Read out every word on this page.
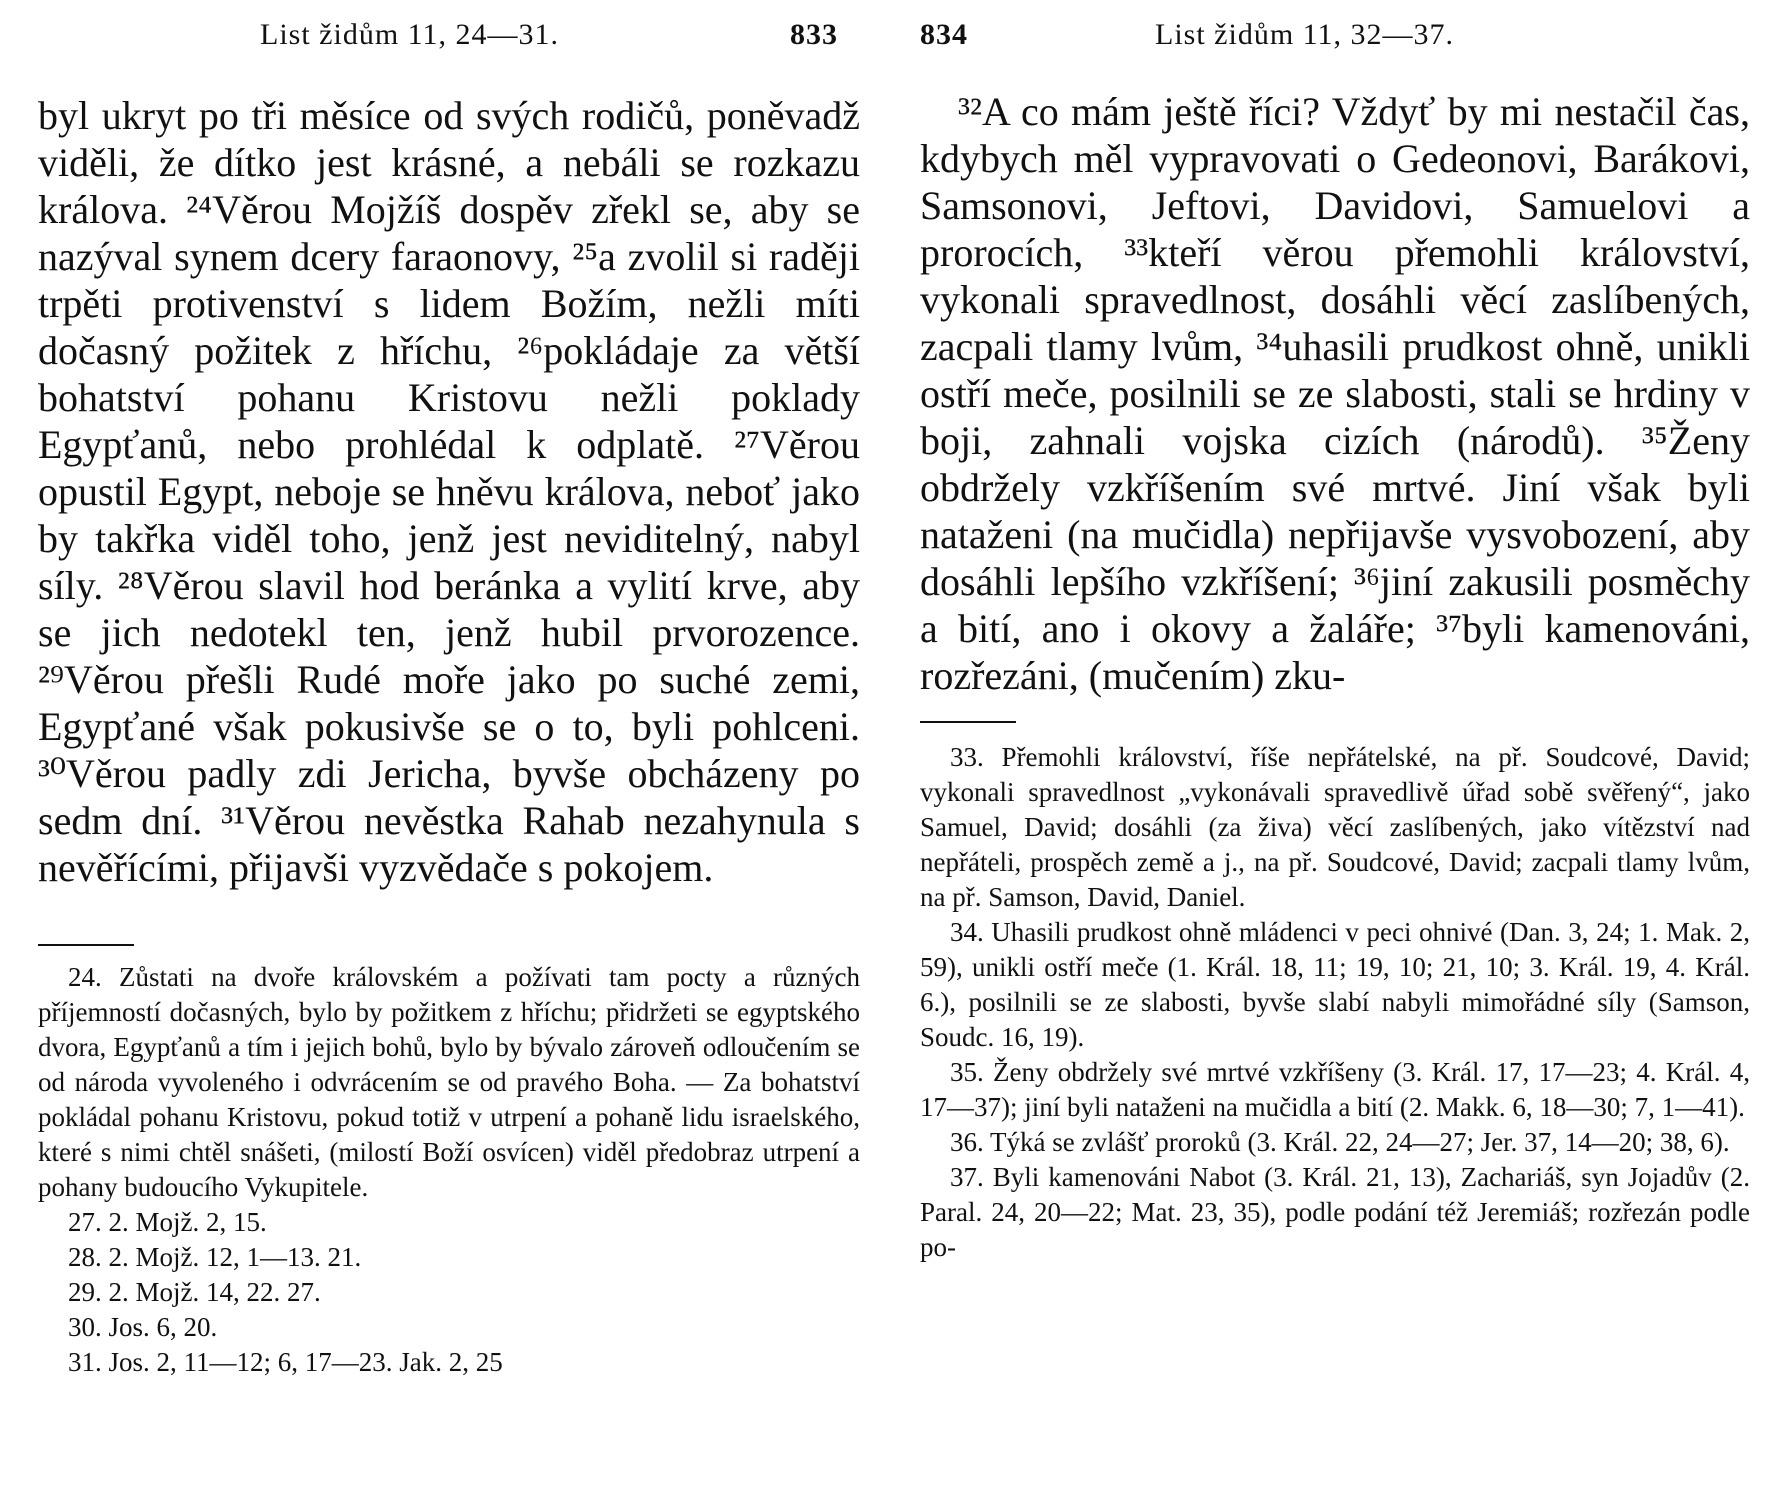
List židům 11, 24—31.	833

byl ukryt po tři měsíce od svých rodičů, poněvadž viděli, že dítko jest krásné, a nebáli se rozkazu králova. ²⁴Věrou Mojžíš dospěv zřekl se, aby se nazýval synem dcery faraonovy, ²⁵a zvolil si raději trpěti protivenství s lidem Božím, nežli míti dočasný požitek z hříchu, ²⁶pokládaje za větší bohatství pohanu Kristovu nežli poklady Egypťanů, nebo prohlédal k odplatě. ²⁷Věrou opustil Egypt, neboje se hněvu králova, neboť jako by takřka viděl toho, jenž jest neviditelný, nabyl síly. ²⁸Věrou slavil hod beránka a vylití krve, aby se jich nedotekl ten, jenž hubil prvorozence. ²⁹Věrou přešli Rudé moře jako po suché zemi, Egypťané však pokusivše se o to, byli pohlceni. ³⁰Věrou padly zdi Jericha, byvše obcházeny po sedm dní. ³¹Věrou nevěstka Rahab nezahynula s nevěřícími, přijavši vyzvědače s pokojem.

24. Zůstati na dvoře královském a požívati tam pocty a různých příjemností dočasných, bylo by požitkem z hříchu; přidržeti se egyptského dvora, Egypťanů a tím i jejich bohů, bylo by bývalo zároveň odloučením se od národa vyvoleného i odvrácením se od pravého Boha. — Za bohatství pokládal pohanu Kristovu, pokud totiž v utrpení a pohaně lidu israelského, které s nimi chtěl snášeti, (milostí Boží osvícen) viděl předobraz utrpení a pohany budoucího Vykupitele.

27. 2. Mojž. 2, 15.

28. 2. Mojž. 12, 1—13. 21.

29. 2. Mojž. 14, 22. 27.

30. Jos. 6, 20.

31. Jos. 2, 11—12; 6, 17—23. Jak. 2, 25

834	List židům 11, 32—37.

³²A co mám ještě říci? Vždyť by mi nestačil čas, kdybych měl vypravovati o Gedeonovi, Barákovi, Samsonovi, Jeftovi, Davidovi, Samuelovi a prorocích, ³³kteří věrou přemohli království, vykonali spravedlnost, dosáhli věcí zaslíbených, zacpali tlamy lvům, ³⁴uhasili prudkost ohně, unikli ostří meče, posilnili se ze slabosti, stali se hrdiny v boji, zahnali vojska cizích (národů). ³⁵Ženy obdržely vzkříšením své mrtvé. Jiní však byli nataženi (na mučidla) nepřijavše vysvobození, aby dosáhli lepšího vzkříšení; ³⁶jiní zakusili posměchy a bití, ano i okovy a žaláře; ³⁷byli kamenováni, rozřezáni, (mučením) zku-

33. Přemohli království, říše nepřátelské, na př. Soudcové, David; vykonali spravedlnost „vykonávali spravedlivě úřad sobě svěřený“, jako Samuel, David; dosáhli (za živa) věcí zaslíbených, jako vítězství nad nepřáteli, prospěch země a j., na př. Soudcové, David; zacpali tlamy lvům, na př. Samson, David, Daniel.

34. Uhasili prudkost ohně mládenci v peci ohnivé (Dan. 3, 24; 1. Mak. 2, 59), unikli ostří meče (1. Král. 18, 11; 19, 10; 21, 10; 3. Král. 19, 4. Král. 6.), posilnili se ze slabosti, byvše slabí nabyli mimořádné síly (Samson, Soudc. 16, 19).

35. Ženy obdržely své mrtvé vzkříšeny (3. Král. 17, 17—23; 4. Král. 4, 17—37); jiní byli nataženi na mučidla a bití (2. Makk. 6, 18—30; 7, 1—41).

36. Týká se zvlášť proroků (3. Král. 22, 24—27; Jer. 37, 14—20; 38, 6).

37. Byli kamenováni Nabot (3. Král. 21, 13), Zachariáš, syn Jojadův (2. Paral. 24, 20—22; Mat. 23, 35), podle podání též Jeremiáš; rozřezán podle po-
